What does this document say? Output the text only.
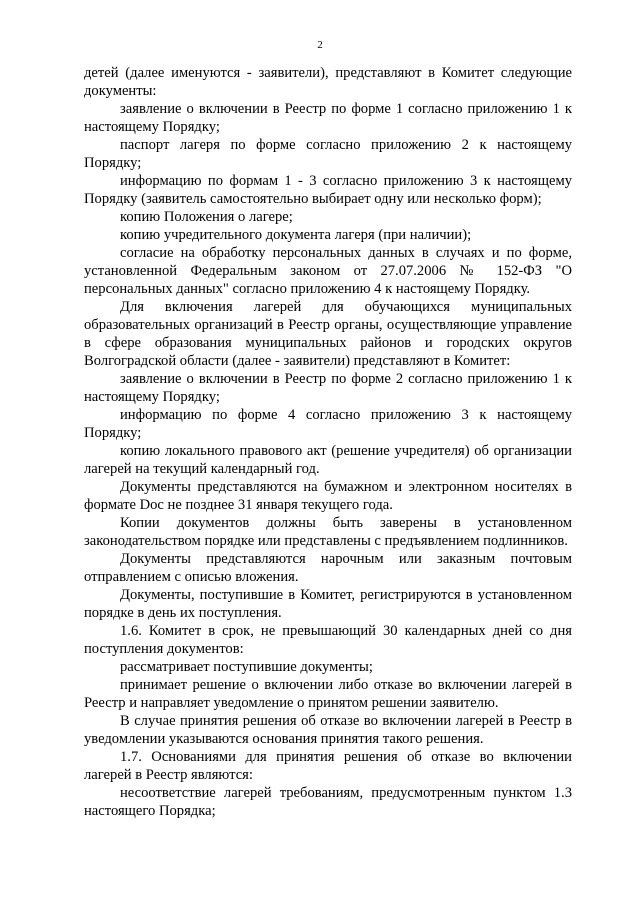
2

детей (далее именуются - заявители), представляют в Комитет следующие документы:

заявление о включении в Реестр по форме 1 согласно приложению 1 к настоящему Порядку;

паспорт лагеря по форме согласно приложению 2 к настоящему Порядку;

информацию по формам 1 - 3 согласно приложению 3 к настоящему Порядку (заявитель самостоятельно выбирает одну или несколько форм);

копию Положения о лагере;

копию учредительного документа лагеря (при наличии);

согласие на обработку персональных данных в случаях и по форме, установленной Федеральным законом от 27.07.2006 № 152-ФЗ "О персональных данных" согласно приложению 4 к настоящему Порядку.

Для включения лагерей для обучающихся муниципальных образовательных организаций в Реестр органы, осуществляющие управление в сфере образования муниципальных районов и городских округов Волгоградской области (далее - заявители) представляют в Комитет:

заявление о включении в Реестр по форме 2 согласно приложению 1 к настоящему Порядку;

информацию по форме 4 согласно приложению 3 к настоящему Порядку;

копию локального правового акт (решение учредителя) об организации лагерей на текущий календарный год.

Документы представляются на бумажном и электронном носителях в формате Doc не позднее 31 января текущего года.

Копии документов должны быть заверены в установленном законодательством порядке или представлены с предъявлением подлинников.

Документы представляются нарочным или заказным почтовым отправлением с описью вложения.

Документы, поступившие в Комитет, регистрируются в установленном порядке в день их поступления.

1.6. Комитет в срок, не превышающий 30 календарных дней со дня поступления документов:

рассматривает поступившие документы;

принимает решение о включении либо отказе во включении лагерей в Реестр и направляет уведомление о принятом решении заявителю.

В случае принятия решения об отказе во включении лагерей в Реестр в уведомлении указываются основания принятия такого решения.

1.7. Основаниями для принятия решения об отказе во включении лагерей в Реестр являются:

несоответствие лагерей требованиям, предусмотренным пунктом 1.3 настоящего Порядка;
